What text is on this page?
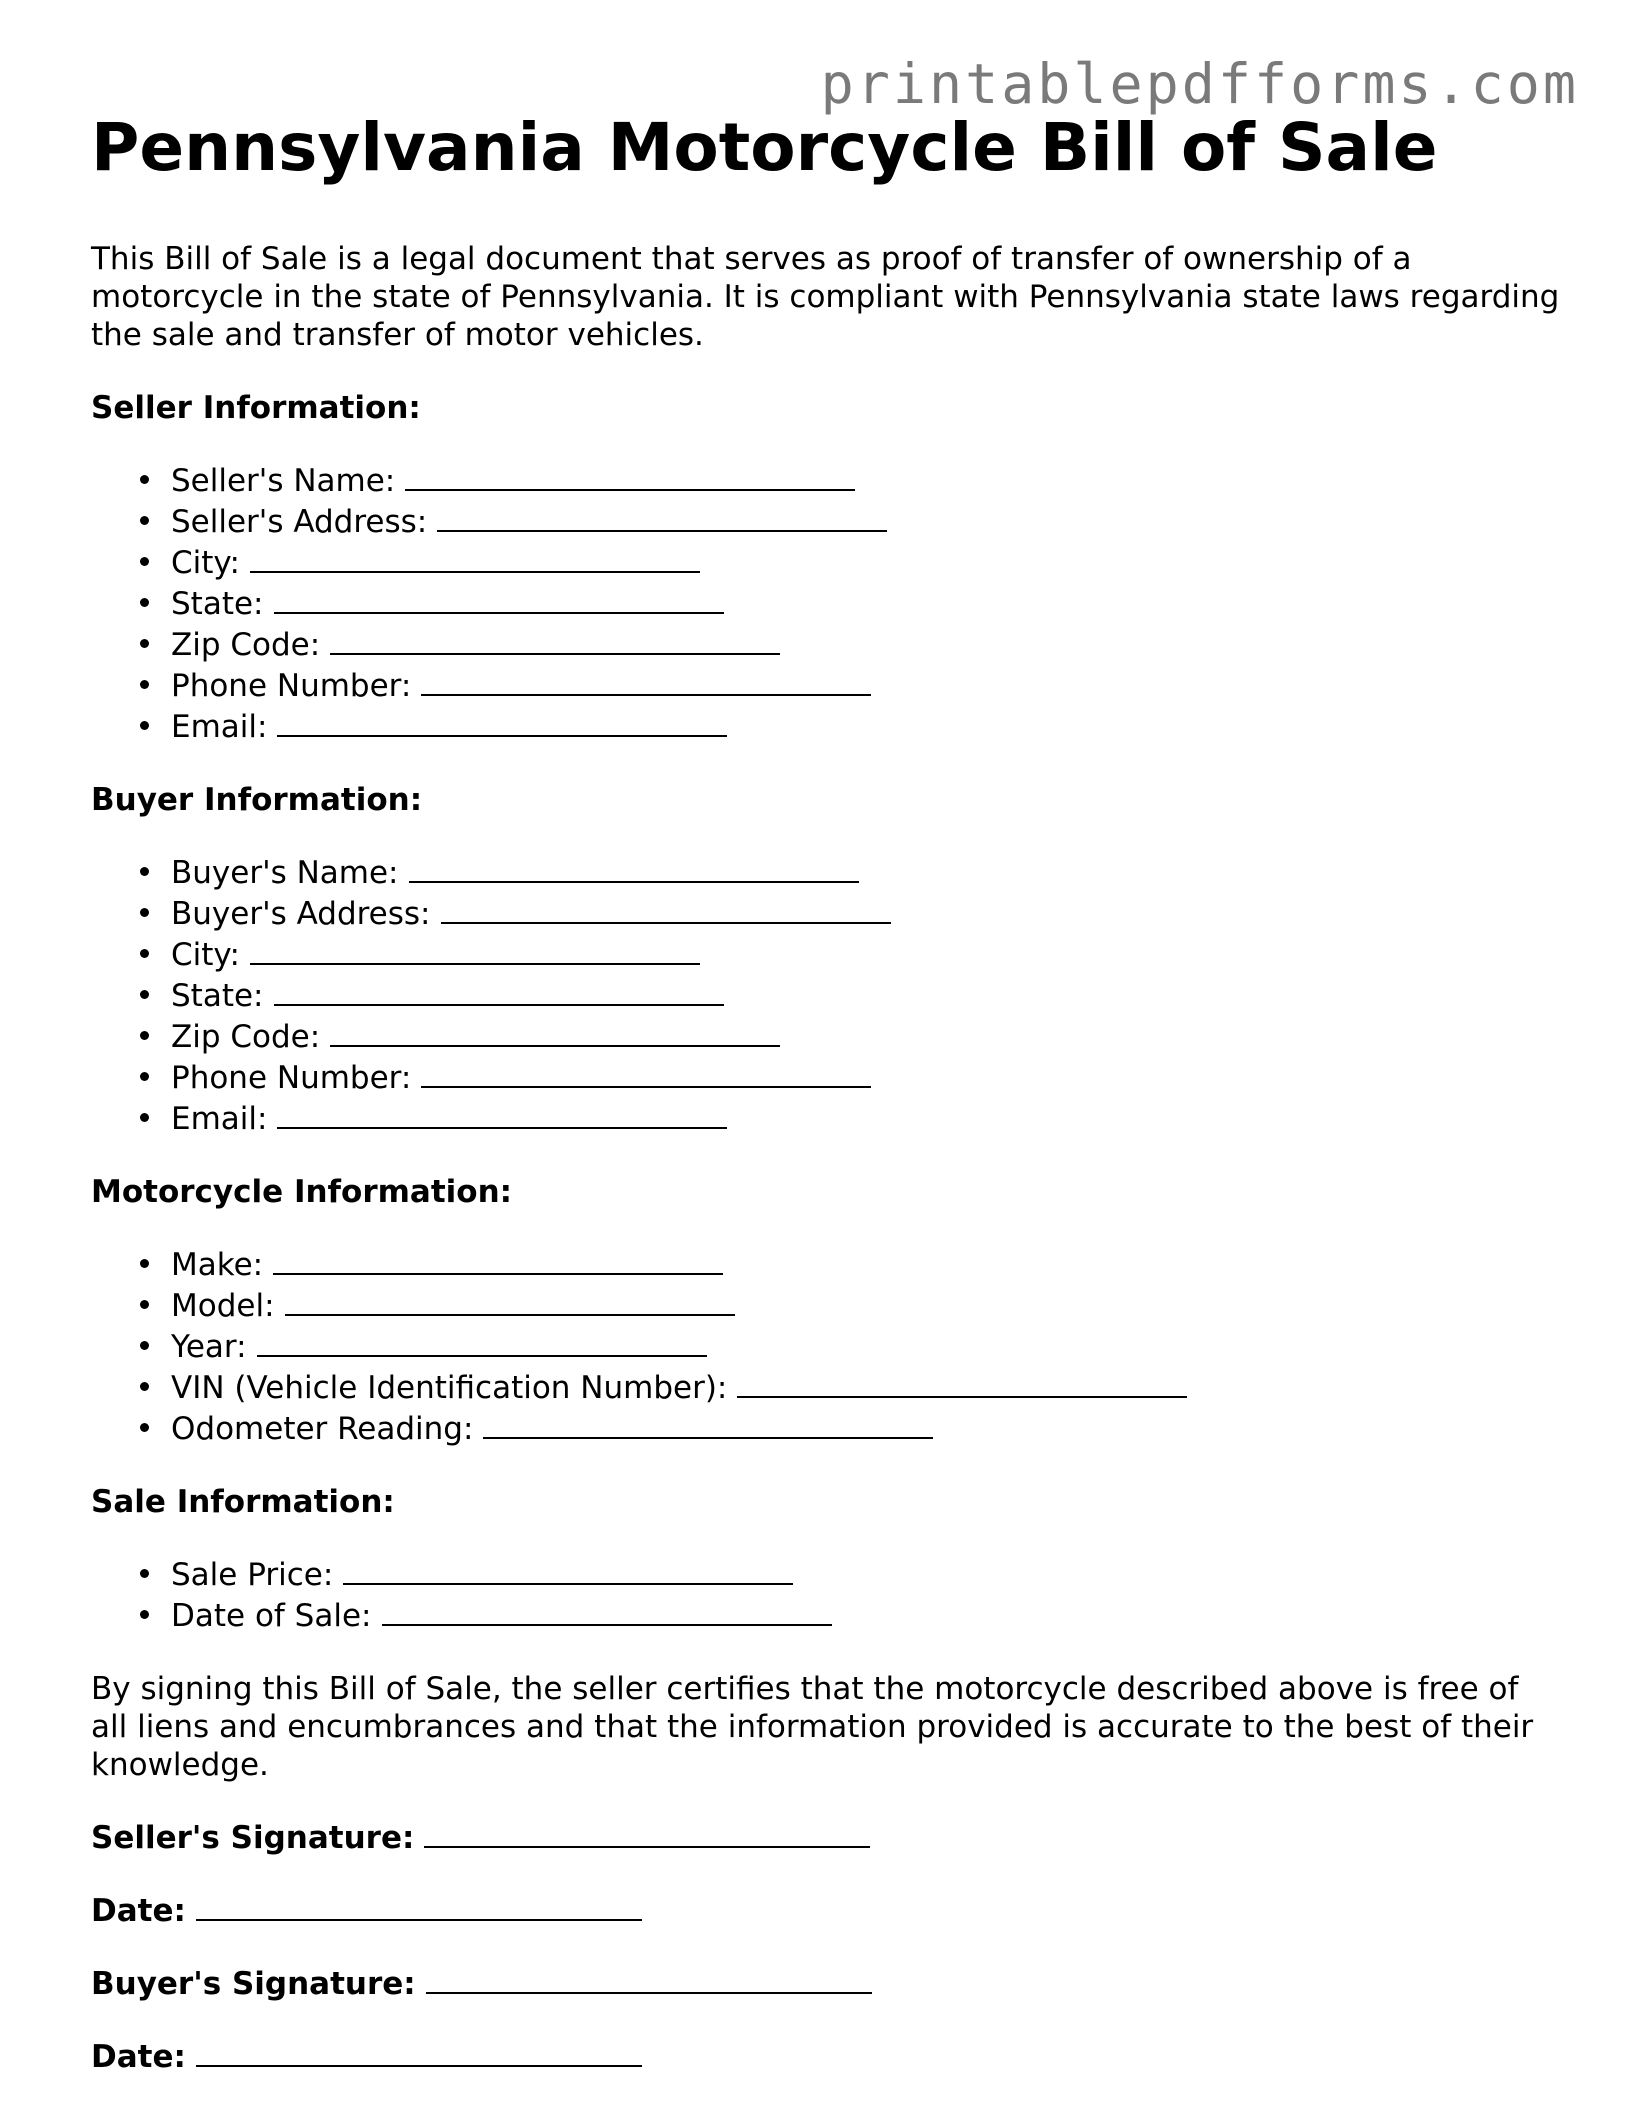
printablepdfforms.com
Pennsylvania Motorcycle Bill of Sale

This Bill of Sale is a legal document that serves as proof of transfer of ownership of a motorcycle in the state of Pennsylvania. It is compliant with Pennsylvania state laws regarding the sale and transfer of motor vehicles.

Seller Information:
Seller's Name:
Seller's Address:
City:
State:
Zip Code:
Phone Number:
Email:
Buyer Information:
Buyer's Name:
Buyer's Address:
City:
State:
Zip Code:
Phone Number:
Email:
Motorcycle Information:
Make:
Model:
Year:
VIN (Vehicle Identification Number):
Odometer Reading:
Sale Information:
Sale Price:
Date of Sale:

By signing this Bill of Sale, the seller certifies that the motorcycle described above is free of all liens and encumbrances and that the information provided is accurate to the best of their knowledge.

Seller's Signature:
Date:
Buyer's Signature:
Date:
